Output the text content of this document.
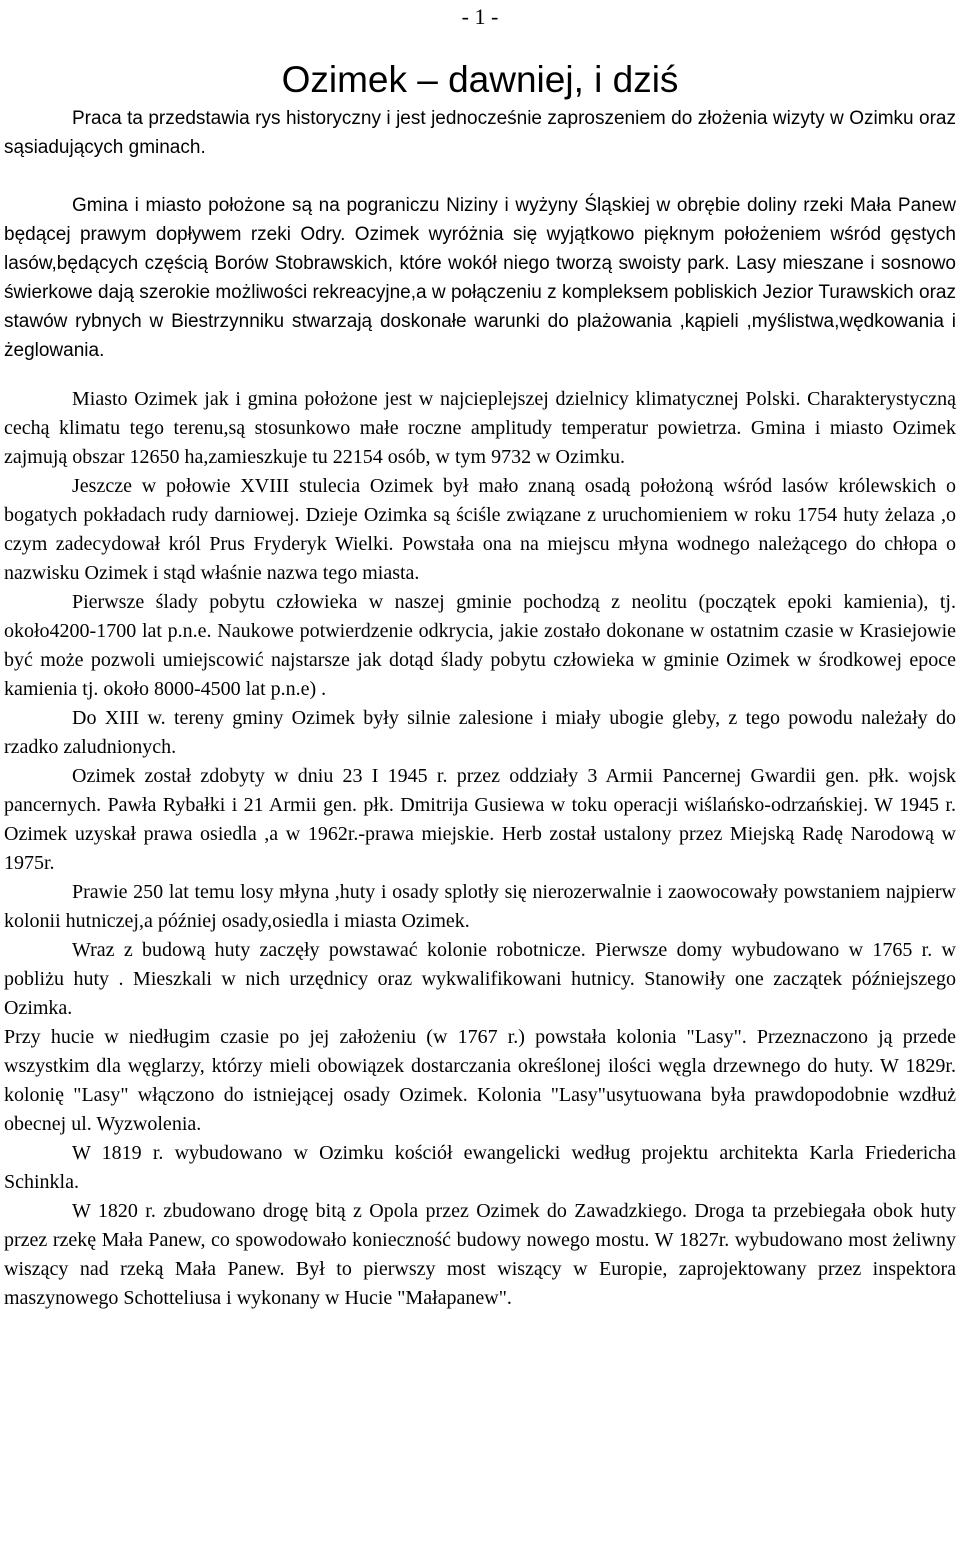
- 1 -
Ozimek – dawniej, i dziś

Praca ta przedstawia rys historyczny i jest jednocześnie zaproszeniem do złożenia wizyty w Ozimku oraz sąsiadujących gminach.

Gmina i miasto położone są na pograniczu Niziny i wyżyny Śląskiej w obrębie doliny rzeki Mała Panew będącej prawym dopływem rzeki Odry. Ozimek wyróżnia się wyjątkowo pięknym położeniem wśród gęstych lasów,będących częścią Borów Stobrawskich, które wokół niego tworzą swoisty park. Lasy mieszane i sosnowo świerkowe dają szerokie możliwości rekreacyjne,a w połączeniu z kompleksem pobliskich Jezior Turawskich oraz stawów rybnych w Biestrzynniku stwarzają doskonałe warunki do plażowania ,kąpieli ,myślistwa,wędkowania i żeglowania.

Miasto Ozimek jak i gmina położone jest w najcieplejszej dzielnicy klimatycznej Polski. Charakterystyczną cechą klimatu tego terenu,są stosunkowo małe roczne amplitudy temperatur powietrza. Gmina i miasto Ozimek zajmują obszar 12650 ha,zamieszkuje tu 22154 osób, w tym 9732 w Ozimku.

Jeszcze w połowie XVIII stulecia Ozimek był mało znaną osadą położoną wśród lasów królewskich o bogatych pokładach rudy darniowej. Dzieje Ozimka są ściśle związane z uruchomieniem w roku 1754 huty żelaza ,o czym zadecydował król Prus Fryderyk Wielki. Powstała ona na miejscu młyna wodnego należącego do chłopa o nazwisku Ozimek i stąd właśnie nazwa tego miasta.

Pierwsze ślady pobytu człowieka w naszej gminie pochodzą z neolitu (początek epoki kamienia), tj. około4200-1700 lat p.n.e. Naukowe potwierdzenie odkrycia, jakie zostało dokonane w ostatnim czasie w Krasiejowie być może pozwoli umiejscowić najstarsze jak dotąd ślady pobytu człowieka w gminie Ozimek w środkowej epoce kamienia tj. około 8000-4500 lat p.n.e) .

Do XIII w. tereny gminy Ozimek były silnie zalesione i miały ubogie gleby, z tego powodu należały do rzadko zaludnionych.

Ozimek został zdobyty w dniu 23 I 1945 r. przez oddziały 3 Armii Pancernej Gwardii gen. płk. wojsk pancernych. Pawła Rybałki i 21 Armii gen. płk. Dmitrija Gusiewa w toku operacji wiślańsko-odrzańskiej. W 1945 r. Ozimek uzyskał prawa osiedla ,a w 1962r.-prawa miejskie. Herb został ustalony przez Miejską Radę Narodową w 1975r.

Prawie 250 lat temu losy młyna ,huty i osady splotły się nierozerwalnie i zaowocowały powstaniem najpierw kolonii hutniczej,a później osady,osiedla i miasta Ozimek.

Wraz z budową huty zaczęły powstawać kolonie robotnicze. Pierwsze domy wybudowano w 1765 r. w pobliżu huty . Mieszkali w nich urzędnicy oraz wykwalifikowani hutnicy. Stanowiły one zaczątek późniejszego Ozimka.

Przy hucie w niedługim czasie po jej założeniu (w 1767 r.) powstała kolonia "Lasy". Przeznaczono ją przede wszystkim dla węglarzy, którzy mieli obowiązek dostarczania określonej ilości węgla drzewnego do huty. W 1829r. kolonię "Lasy" włączono do istniejącej osady Ozimek. Kolonia "Lasy"usytuowana była prawdopodobnie wzdłuż obecnej ul. Wyzwolenia.

W 1819 r. wybudowano w Ozimku kościół ewangelicki według projektu architekta Karla Friedericha Schinkla.

W 1820 r. zbudowano drogę bitą z Opola przez Ozimek do Zawadzkiego. Droga ta przebiegała obok huty przez rzekę Mała Panew, co spowodowało konieczność budowy nowego mostu. W 1827r. wybudowano most żeliwny wiszący nad rzeką Mała Panew. Był to pierwszy most wiszący w Europie, zaprojektowany przez inspektora maszynowego Schotteliusa i wykonany w Hucie "Małapanew".
